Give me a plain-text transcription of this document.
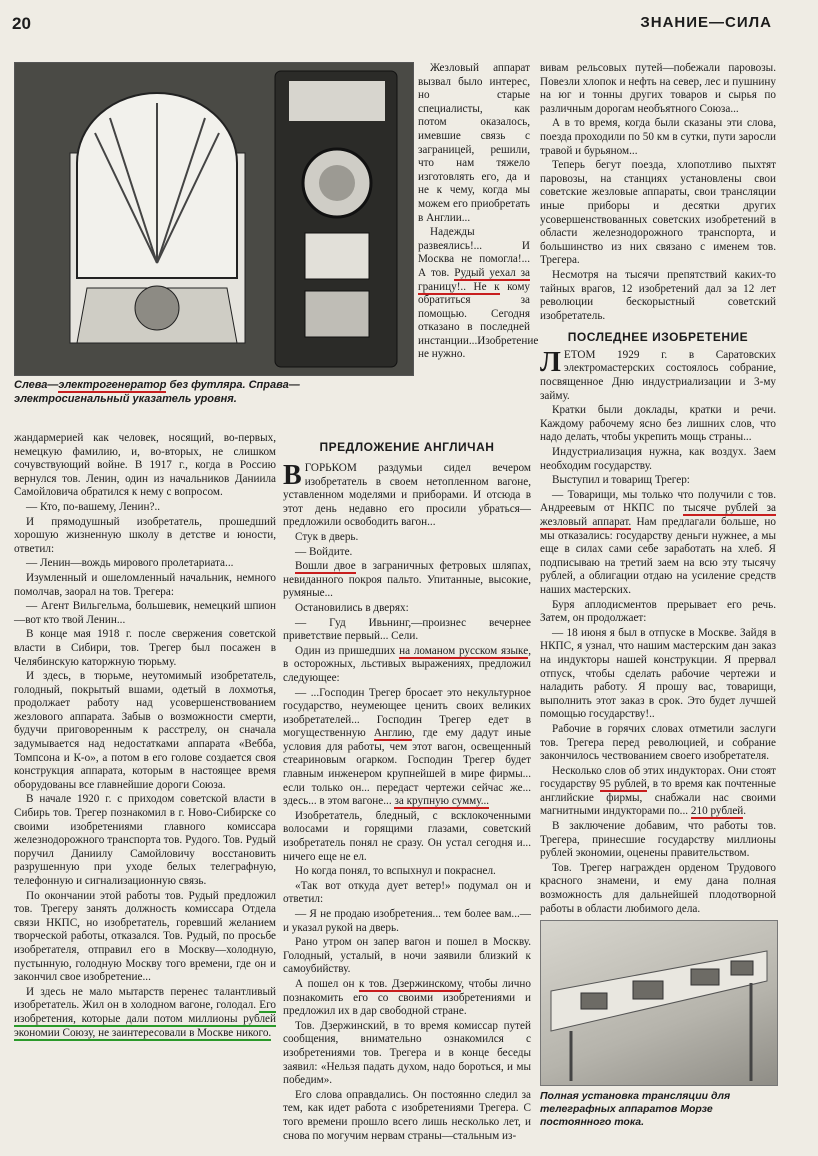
20	ЗНАНИЕ—СИЛА
Слева—электрогенератор без футляра. Справа—электросигнальный указатель уровня.

Жезловый аппарат вызвал было интерес, но старые специалисты, как потом оказалось, имевшие связь с заграницей, решили, что нам тяжело изготовлять его, да и не к чему, когда мы можем его приобретать в Англии...

Надежды развеялись!... И Москва не помогла!... А тов. Рудый уехал за границу!.. Не к кому обратиться за помощью. Сегодня отказано в последней инстанции...Изобретение не нужно.

жандармерией как человек, носящий, во-первых, немецкую фамилию, и, во-вторых, не слишком сочувствующий войне. В 1917 г., когда в Россию вернулся тов. Ленин, один из начальников Даниила Самойловича обратился к нему с вопросом.

— Кто, по-вашему, Ленин?..

И прямодушный изобретатель, прошедший хорошую жизненную школу в детстве и юности, ответил:

— Ленин—вождь мирового пролетариата...

Изумленный и ошеломленный начальник, немного помолчав, заорал на тов. Трегера:

— Агент Вильгельма, большевик, немецкий шпион—вот кто твой Ленин...

В конце мая 1918 г. после свержения советской власти в Сибири, тов. Трегер был посажен в Челябинскую каторжную тюрьму.

И здесь, в тюрьме, неутомимый изобретатель, голодный, покрытый вшами, одетый в лохмотья, продолжает работу над усовершенствованием жезлового аппарата. Забыв о возможности смерти, будучи приговоренным к расстрелу, он сначала задумывается над недостатками аппарата «Вебба, Томпсона и К-о», а потом в его голове создается своя конструкция аппарата, которым в настоящее время оборудованы все главнейшие дороги Союза.

В начале 1920 г. с приходом советской власти в Сибирь тов. Трегер познакомил в г. Ново-Сибирске со своими изобретениями главного комиссара железнодорожного транспорта тов. Рудого. Тов. Рудый поручил Даниилу Самойловичу восстановить разрушенную при уходе белых телеграфную, телефонную и сигнализационную связь.

По окончании этой работы тов. Рудый предложил тов. Трегеру занять должность комиссара Отдела связи НКПС, но изобретатель, горевший желанием творческой работы, отказался. Тов. Рудый, по просьбе изобретателя, отправил его в Москву—холодную, пустынную, голодную Москву того времени, где он и закончил свое изобретение...

И здесь не мало мытарств перенес талантливый изобретатель. Жил он в холодном вагоне, голодал. Его изобретения, которые дали потом миллионы рублей экономии Союзу, не заинтересовали в Москве никого.

ПРЕДЛОЖЕНИЕ АНГЛИЧАН

ВГОРЬКОМ раздумьи сидел вечером изобретатель в своем нетопленном вагоне, уставленном моделями и приборами. И отсюда в этот день недавно его просили убраться—предложили освободить вагон...

Стук в дверь.

— Войдите.

Вошли двое в заграничных фетровых шляпах, невиданного покроя пальто. Упитанные, высокие, румяные...

Остановились в дверях:

— Гуд Ивьнинг,—произнес вечернее приветствие первый... Сели.

Один из пришедших на ломаном русском языке, в осторожных, льстивых выражениях, предложил следующее:

— ...Господин Трегер бросает это некультурное государство, неумеющее ценить своих великих изобретателей... Господин Трегер едет в могущественную Англию, где ему дадут иные условия для работы, чем этот вагон, освещенный стеариновым огарком. Господин Трегер будет главным инженером крупнейшей в мире фирмы... если только он... передаст чертежи сейчас же... здесь... в этом вагоне... за крупную сумму...

Изобретатель, бледный, с всклокоченными волосами и горящими глазами, советский изобретатель понял не сразу. Он устал сегодня и... ничего еще не ел.

Но когда понял, то вспыхнул и покраснел.

«Так вот откуда дует ветер!» подумал он и ответил:

— Я не продаю изобретения... тем более вам...—и указал рукой на дверь.

Рано утром он запер вагон и пошел в Москву. Голодный, усталый, в ночи заявили близкий к самоубийству.

А пошел он к тов. Дзержинскому, чтобы лично познакомить его со своими изобретениями и предложил их в дар свободной стране.

Тов. Дзержинский, в то время комиссар путей сообщения, внимательно ознакомился с изобретениями тов. Трегера и в конце беседы заявил: «Нельзя падать духом, надо бороться, и мы победим».

Его слова оправдались. Он постоянно следил за тем, как идет работа с изобретениями Трегера. С того времени прошло всего лишь несколько лет, и снова по могучим нервам страны—стальным из-

вивам рельсовых путей—побежали паровозы. Повезли хлопок и нефть на север, лес и пушнину на юг и тонны других товаров и сырья по различным дорогам необъятного Союза...

А в то время, когда были сказаны эти слова, поезда проходили по 50 км в сутки, пути заросли травой и бурьяном...

Теперь бегут поезда, хлопотливо пыхтят паровозы, на станциях установлены свои советские жезловые аппараты, свои трансляции иные приборы и десятки других усовершенствованных советских изобретений в области железнодорожного транспорта, и большинство из них связано с именем тов. Трегера.

Несмотря на тысячи препятствий каких-то тайных врагов, 12 изобретений дал за 12 лет революции бескорыстный советский изобретатель.

ПОСЛЕДНЕЕ ИЗОБРЕТЕНИЕ

ЛЕТОМ 1929 г. в Саратовских электромастерских состоялось собрание, посвященное Дню индустриализации и 3-му займу.

Кратки были доклады, кратки и речи. Каждому рабочему ясно без лишних слов, что надо делать, чтобы укрепить мощь страны...

Индустриализация нужна, как воздух. Заем необходим государству.

Выступил и товарищ Трегер:

— Товарищи, мы только что получили с тов. Андреевым от НКПС по тысяче рублей за жезловый аппарат. Нам предлагали больше, но мы отказались: государству деньги нужнее, а мы еще в силах сами себе заработать на хлеб. Я подписываю на третий заем на всю эту тысячу рублей, а облигации отдаю на усиление средств наших мастерских.

Буря аплодисментов прерывает его речь. Затем, он продолжает:

— 18 июня я был в отпуске в Москве. Зайдя в НКПС, я узнал, что нашим мастерским дан заказ на индукторы нашей конструкции. Я прервал отпуск, чтобы сделать рабочие чертежи и наладить работу. Я прошу вас, товарищи, выполнить этот заказ в срок. Это будет лучшей помощью государству!..

Рабочие в горячих словах отметили заслуги тов. Трегера перед революцией, и собрание закончилось чествованием своего изобретателя.

Несколько слов об этих индукторах. Они стоят государству 95 рублей, в то время как почтенные английские фирмы, снабжали нас своими магнитными индукторами по... 210 рублей.

В заключение добавим, что работы тов. Трегера, принесшие государству миллионы рублей экономии, оценены правительством.

Тов. Трегер награжден орденом Трудового красного знамени, и ему дана полная возможность для дальнейшей плодотворной работы в области любимого дела.

Полная установка трансляции для телеграфных аппаратов Морзе постоянного тока.
